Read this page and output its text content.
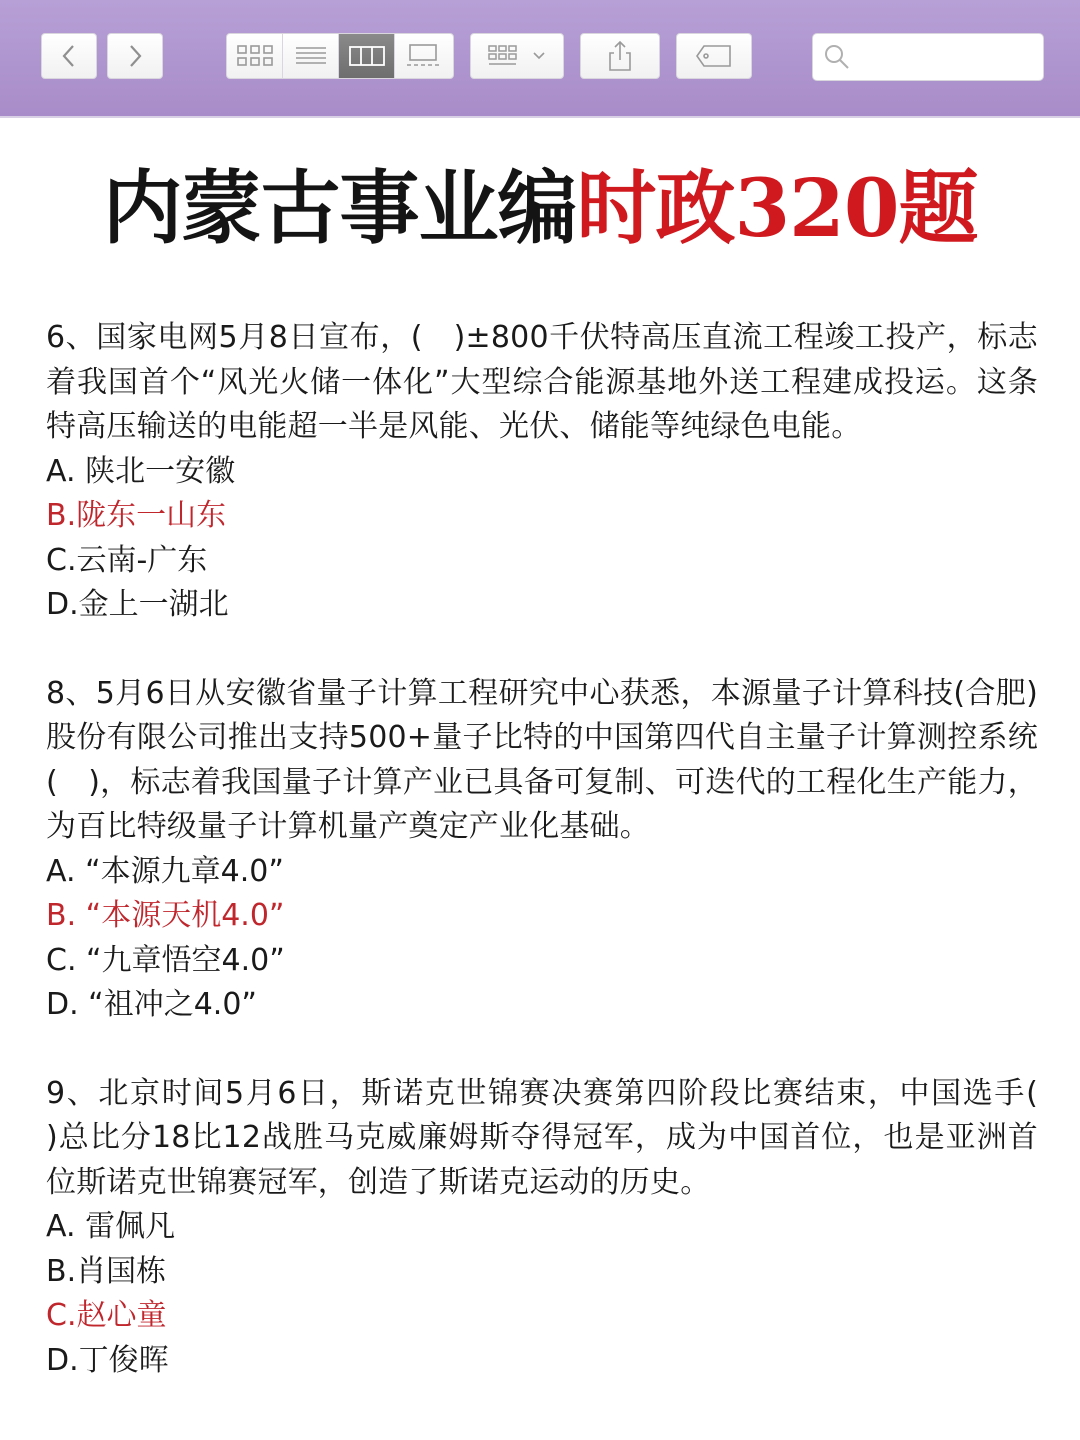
内蒙古事业编时政320题

6、国家电网5月8日宣布，(　)±800千伏特高压直流工程竣工投产，标志着我国首个“风光火储一体化”大型综合能源基地外送工程建成投运。这条特高压输送的电能超一半是风能、光伏、储能等纯绿色电能。

A. 陕北一安徽

B.陇东一山东

C.云南-广东

D.金上一湖北

8、5月6日从安徽省量子计算工程研究中心获悉，本源量子计算科技(合肥)股份有限公司推出支持500+量子比特的中国第四代自主量子计算测控系统(　)，标志着我国量子计算产业已具备可复制、可迭代的工程化生产能力，为百比特级量子计算机量产奠定产业化基础。

A. “本源九章4.0”

B. “本源天机4.0”

C. “九章悟空4.0”

D. “祖冲之4.0”

9、北京时间5月6日，斯诺克世锦赛决赛第四阶段比赛结束，中国选手(　 )总比分18比12战胜马克威廉姆斯夺得冠军，成为中国首位，也是亚洲首位斯诺克世锦赛冠军，创造了斯诺克运动的历史。

A. 雷佩凡

B.肖国栋

C.赵心童

D.丁俊晖
